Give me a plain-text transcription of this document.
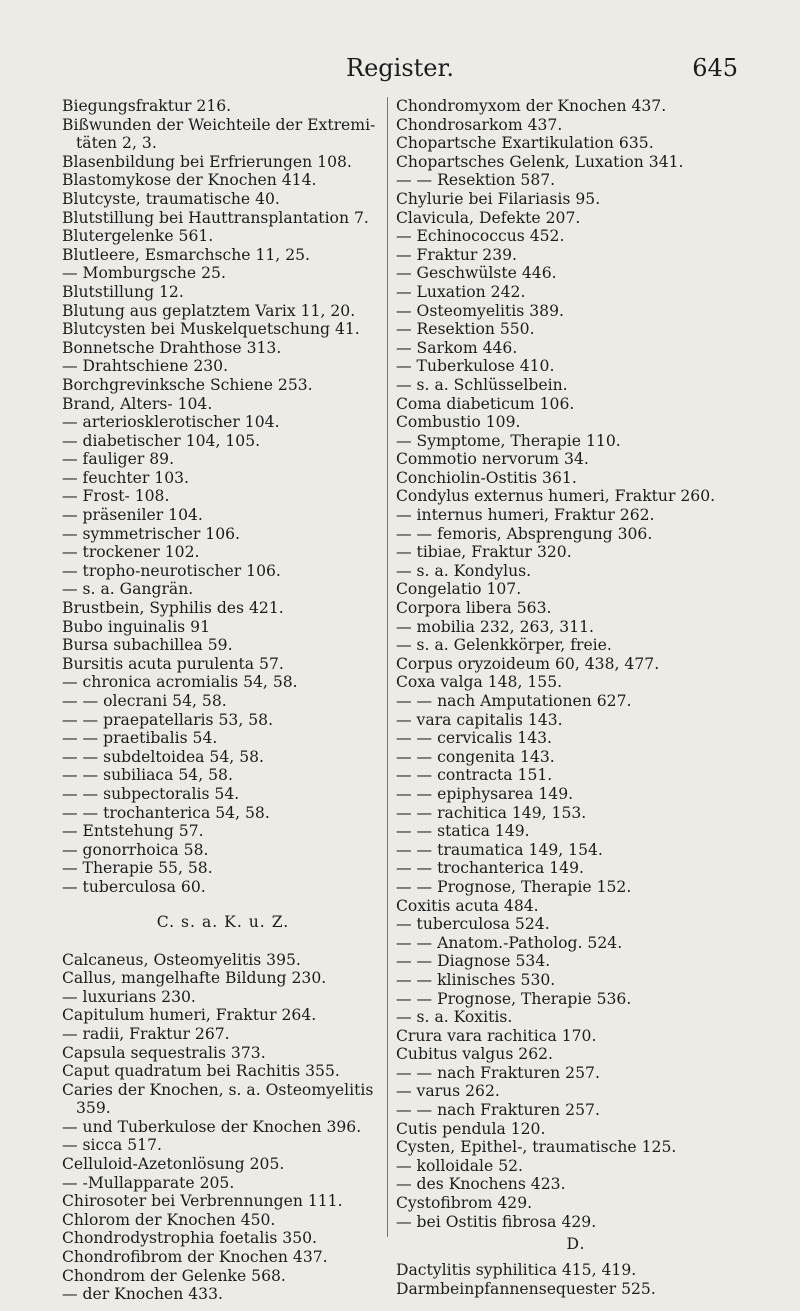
Register.	645
Biegungsfraktur 216.
Bißwunden der Weichteile der Extremi-
täten 2, 3.
Blasenbildung bei Erfrierungen 108.
Blastomykose der Knochen 414.
Blutcyste, traumatische 40.
Blutstillung bei Hauttransplantation 7.
Blutergelenke 561.
Blutleere, Esmarchsche 11, 25.
— Momburgsche 25.
Blutstillung 12.
Blutung aus geplatztem Varix 11, 20.
Blutcysten bei Muskelquetschung 41.
Bonnetsche Drahthose 313.
— Drahtschiene 230.
Borchgrevinksche Schiene 253.
Brand, Alters- 104.
— arteriosklerotischer 104.
— diabetischer 104, 105.
— fauliger 89.
— feuchter 103.
— Frost- 108.
— präseniler 104.
— symmetrischer 106.
— trockener 102.
— tropho-neurotischer 106.
— s. a. Gangrän.
Brustbein, Syphilis des 421.
Bubo inguinalis 91
Bursa subachillea 59.
Bursitis acuta purulenta 57.
— chronica acromialis 54, 58.
— — olecrani 54, 58.
— — praepatellaris 53, 58.
— — praetibalis 54.
— — subdeltoidea 54, 58.
— — subiliaca 54, 58.
— — subpectoralis 54.
— — trochanterica 54, 58.
— Entstehung 57.
— gonorrhoica 58.
— Therapie 55, 58.
— tuberculosa 60.
C. s. a. K. u. Z.
Calcaneus, Osteomyelitis 395.
Callus, mangelhafte Bildung 230.
— luxurians 230.
Capitulum humeri, Fraktur 264.
— radii, Fraktur 267.
Capsula sequestralis 373.
Caput quadratum bei Rachitis 355.
Caries der Knochen, s. a. Osteomyelitis
359.
— und Tuberkulose der Knochen 396.
— sicca 517.
Celluloid-Azetonlösung 205.
— -Mullapparate 205.
Chirosoter bei Verbrennungen 111.
Chlorom der Knochen 450.
Chondrodystrophia foetalis 350.
Chondrofibrom der Knochen 437.
Chondrom der Gelenke 568.
— der Knochen 433.
Chondromyxom der Knochen 437.
Chondrosarkom 437.
Chopartsche Exartikulation 635.
Chopartsches Gelenk, Luxation 341.
— — Resektion 587.
Chylurie bei Filariasis 95.
Clavicula, Defekte 207.
— Echinococcus 452.
— Fraktur 239.
— Geschwülste 446.
— Luxation 242.
— Osteomyelitis 389.
— Resektion 550.
— Sarkom 446.
— Tuberkulose 410.
— s. a. Schlüsselbein.
Coma diabeticum 106.
Combustio 109.
— Symptome, Therapie 110.
Commotio nervorum 34.
Conchiolin-Ostitis 361.
Condylus externus humeri, Fraktur 260.
— internus humeri, Fraktur 262.
— — femoris, Absprengung 306.
— tibiae, Fraktur 320.
— s. a. Kondylus.
Congelatio 107.
Corpora libera 563.
— mobilia 232, 263, 311.
— s. a. Gelenkkörper, freie.
Corpus oryzoideum 60, 438, 477.
Coxa valga 148, 155.
— — nach Amputationen 627.
— vara capitalis 143.
— — cervicalis 143.
— — congenita 143.
— — contracta 151.
— — epiphysarea 149.
— — rachitica 149, 153.
— — statica 149.
— — traumatica 149, 154.
— — trochanterica 149.
— — Prognose, Therapie 152.
Coxitis acuta 484.
— tuberculosa 524.
— — Anatom.-Patholog. 524.
— — Diagnose 534.
— — klinisches 530.
— — Prognose, Therapie 536.
— s. a. Koxitis.
Crura vara rachitica 170.
Cubitus valgus 262.
— — nach Frakturen 257.
— varus 262.
— — nach Frakturen 257.
Cutis pendula 120.
Cysten, Epithel-, traumatische 125.
— kolloidale 52.
— des Knochens 423.
Cystofibrom 429.
— bei Ostitis fibrosa 429.
D.
Dactylitis syphilitica 415, 419.
Darmbeinpfannensequester 525.
